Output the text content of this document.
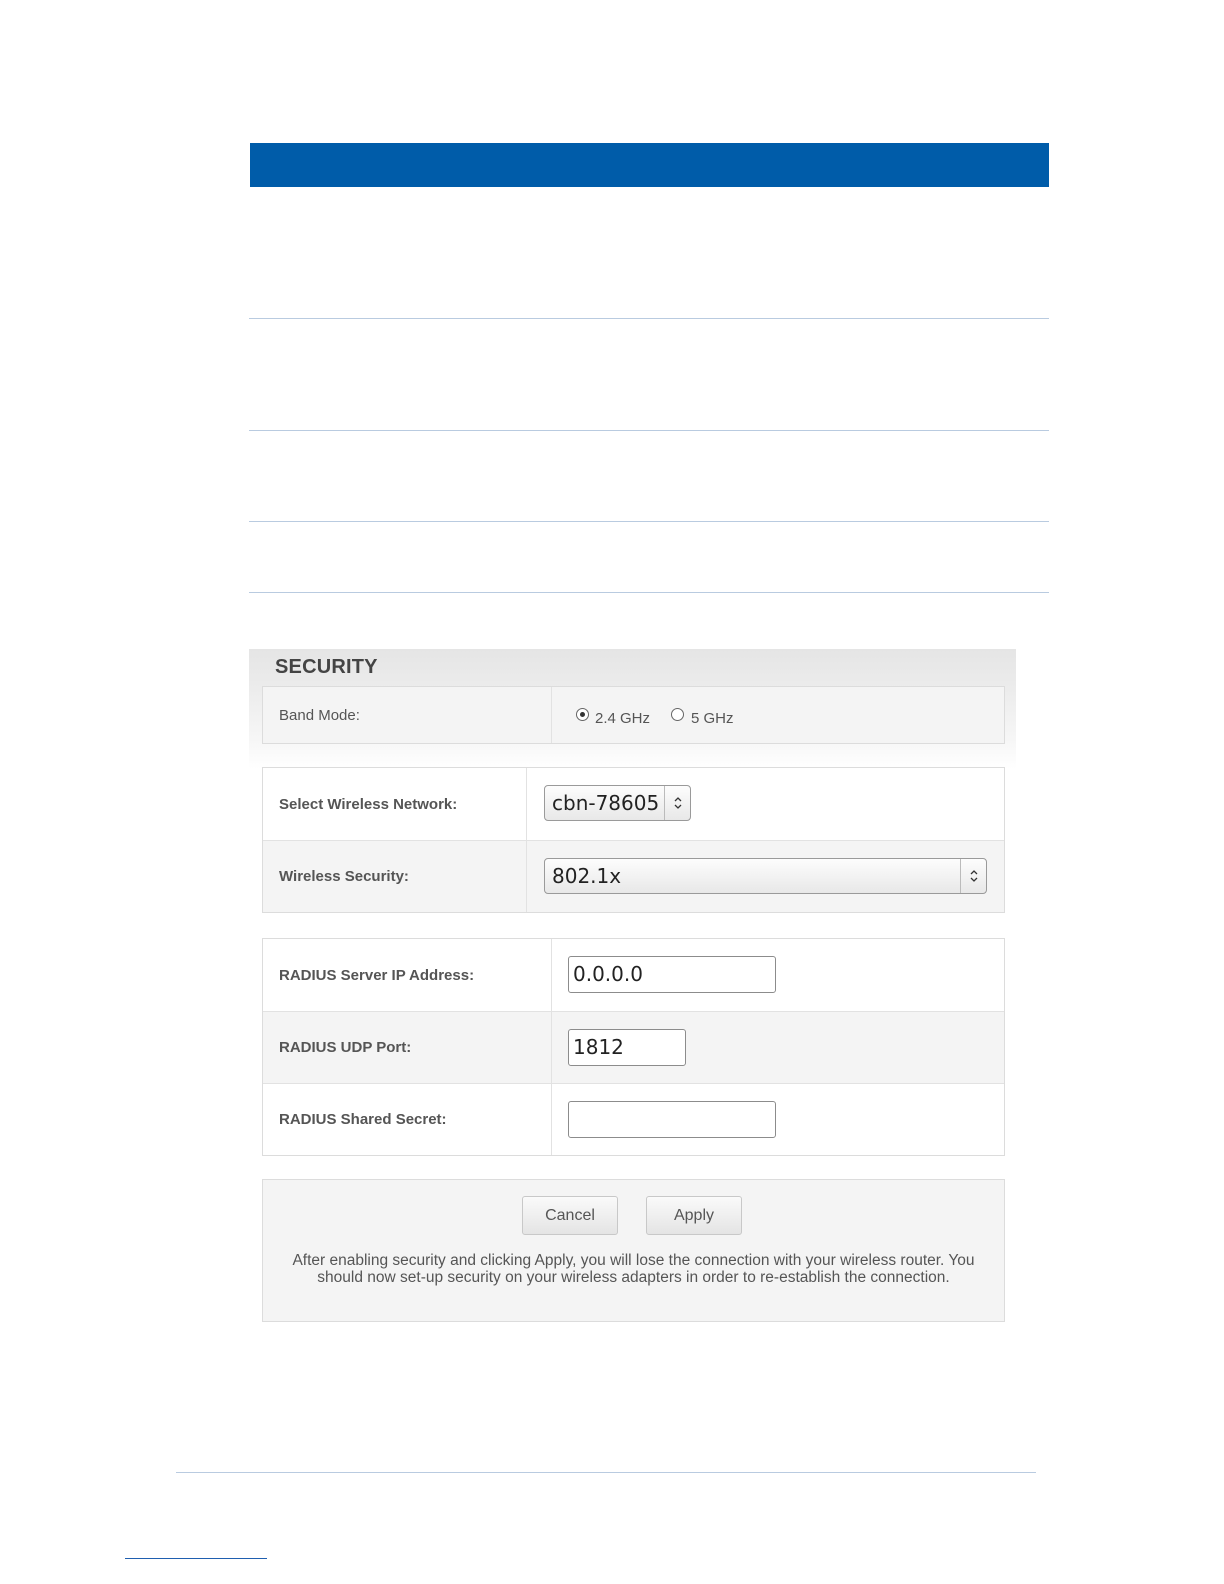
SECURITY
Band Mode:	2.4 GHz	5 GHz
Select Wireless Network:	cbn-78605
Wireless Security:	802.1x
RADIUS Server IP Address:	0.0.0.0
RADIUS UDP Port:	1812
RADIUS Shared Secret:
Cancel	Apply
After enabling security and clicking Apply, you will lose the connection with your wireless router. You should now set-up security on your wireless adapters in order to re-establish the connection.
